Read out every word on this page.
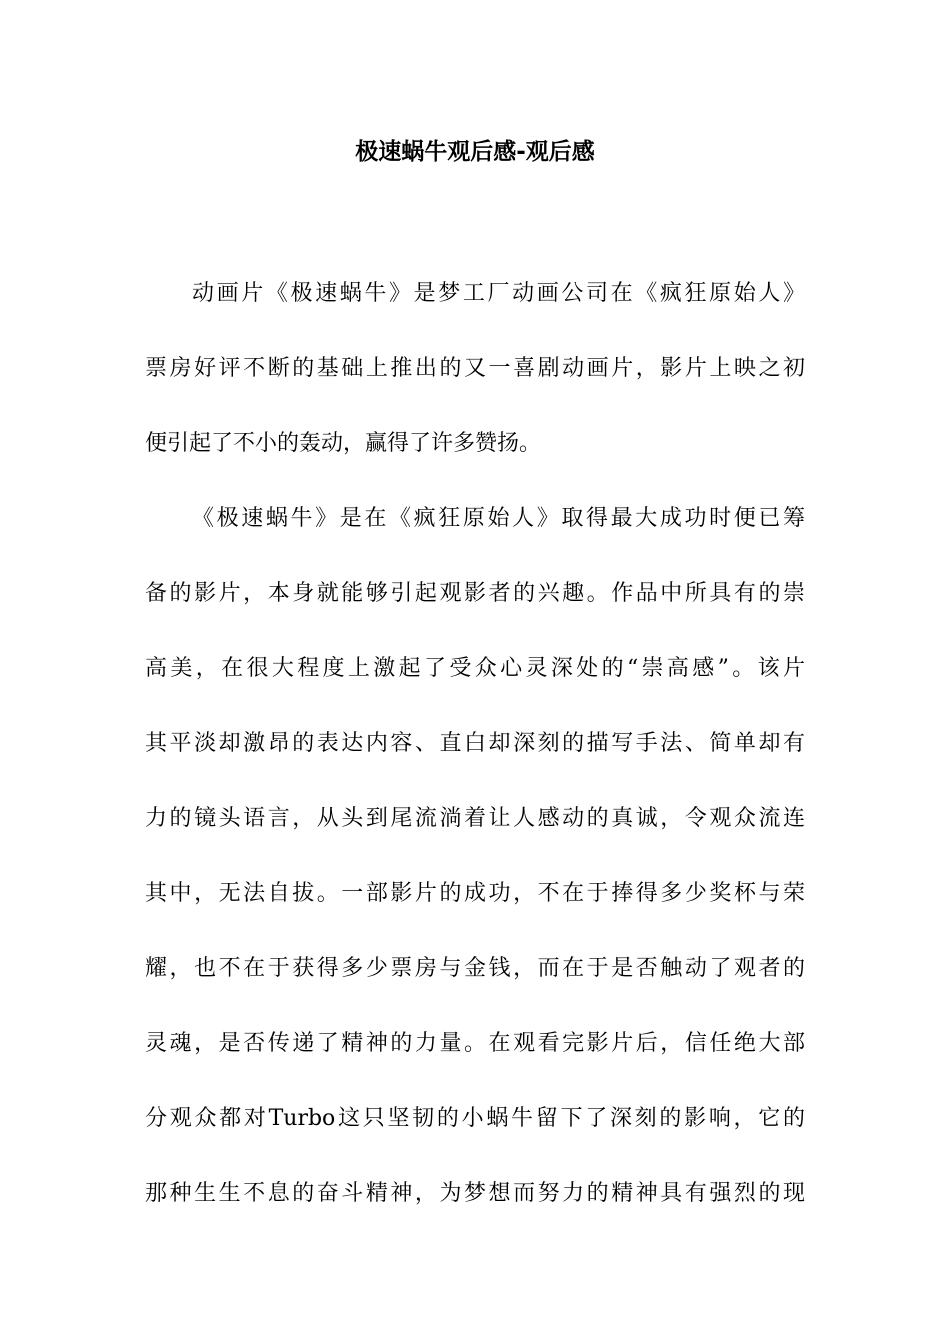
极速蜗牛观后感-观后感
动画片《极速蜗牛》是梦工厂动画公司在《疯狂原始人》
票房好评不断的基础上推出的又一喜剧动画片，影片上映之初
便引起了不小的轰动，赢得了许多赞扬。
《极速蜗牛》是在《疯狂原始人》取得最大成功时便已筹
备的影片，本身就能够引起观影者的兴趣。作品中所具有的崇
高美，在很大程度上激起了受众心灵深处的“崇高感”。该片
其平淡却激昂的表达内容、直白却深刻的描写手法、简单却有
力的镜头语言，从头到尾流淌着让人感动的真诚，令观众流连
其中，无法自拔。一部影片的成功，不在于捧得多少奖杯与荣
耀，也不在于获得多少票房与金钱，而在于是否触动了观者的
灵魂，是否传递了精神的力量。在观看完影片后，信任绝大部
分观众都对Turbo这只坚韧的小蜗牛留下了深刻的影响，它的
那种生生不息的奋斗精神，为梦想而努力的精神具有强烈的现
